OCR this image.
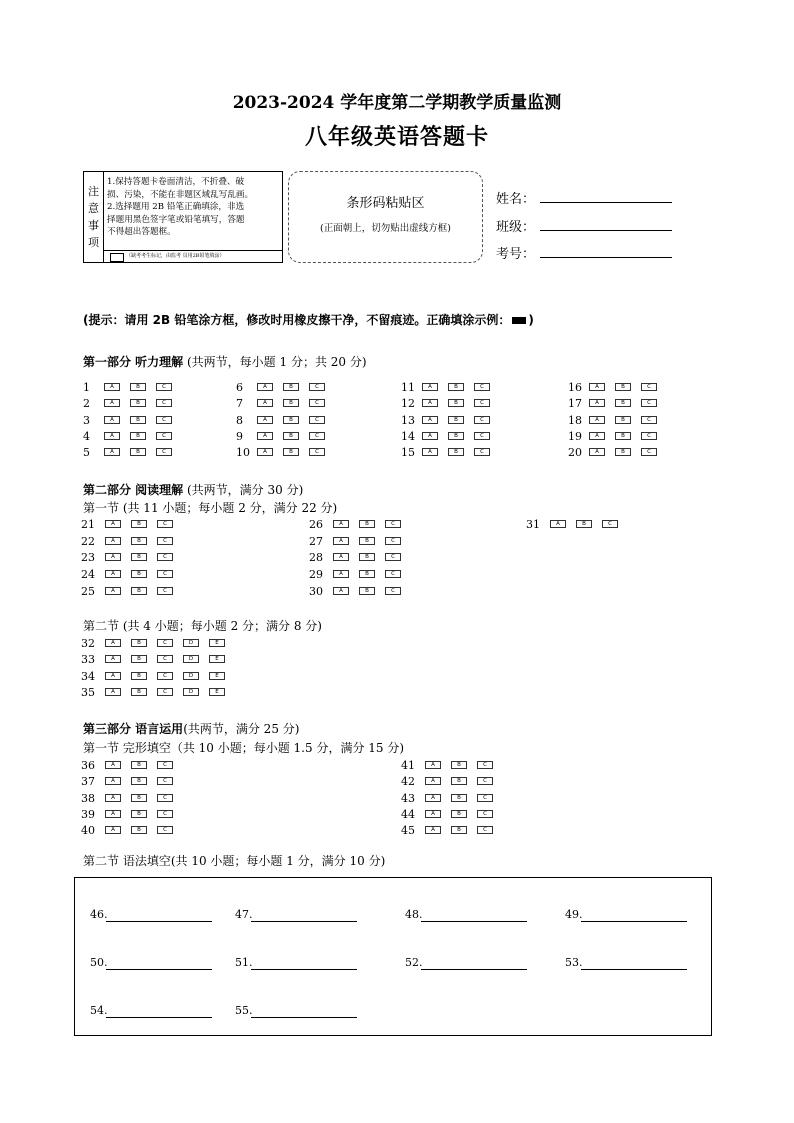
2023-2024 学年度第二学期教学质量监测
八年级英语答题卡
注
意
事
项
1.保持答题卡卷面清洁，不折叠、破
损、污染，不能在非题区域乱写乱画。
2.选择题用 2B 铅笔正确填涂，非选
择题用黑色签字笔或铅笔填写，答题
不得超出答题框。
（缺考考生标记，由监考 员用2B铅笔填涂）
条形码粘贴区
(正面朝上，切勿贴出虚线方框)
姓名：
班级：
考号：
(提示：请用 2B 铅笔涂方框，修改时用橡皮擦干净，不留痕迹。正确填涂示例： )
第一部分 听力理解 (共两节，每小题 1 分；共 20 分)
第二部分 阅读理解 (共两节，满分 30 分)
第一节 (共 11 小题；每小题 2 分，满分 22 分)
第二节 (共 4 小题；每小题 2 分；满分 8 分)
第三部分 语言运用(共两节，满分 25 分)
第一节 完形填空（共 10 小题；每小题 1.5 分，满分 15 分)
第二节 语法填空(共 10 小题；每小题 1 分，满分 10 分)
46.	47.	48.	49.
50.	51.	52.	53.
54.	55.
1	A	B	C
2	A	B	C
3	A	B	C
4	A	B	C
5	A	B	C
6	A	B	C
7	A	B	C
8	A	B	C
9	A	B	C
10	A	B	C
11	A	B	C
12	A	B	C
13	A	B	C
14	A	B	C
15	A	B	C
16	A	B	C
17	A	B	C
18	A	B	C
19	A	B	C
20	A	B	C
21	A	B	C
22	A	B	C
23	A	B	C
24	A	B	C
25	A	B	C
26	A	B	C
27	A	B	C
28	A	B	C
29	A	B	C
30	A	B	C
31	A	B	C
32	A	B	C	D	E
33	A	B	C	D	E
34	A	B	C	D	E
35	A	B	C	D	E
36	A	B	C
37	A	B	C
38	A	B	C
39	A	B	C
40	A	B	C
41	A	B	C
42	A	B	C
43	A	B	C
44	A	B	C
45	A	B	C
